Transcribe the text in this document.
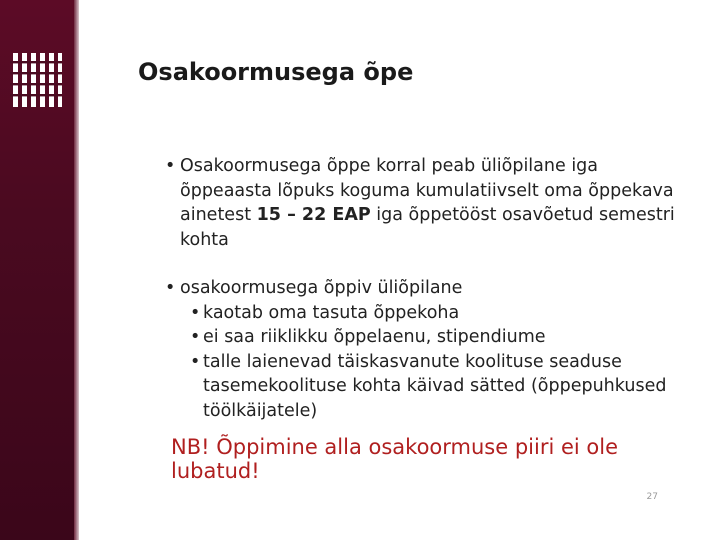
Osakoormusega õpe

• Osakoormusega õppe korral peab üliõpilane iga õppeaasta lõpuks koguma kumulatiivselt oma õppekava ainetest 15 – 22 EAP iga õppetööst osavõetud semestri kohta

• osakoormusega õppiv üliõpilane

• kaotab oma tasuta õppekoha

• ei saa riiklikku õppelaenu, stipendiume

• talle laienevad täiskasvanute koolituse seaduse tasemekoolituse kohta käivad sätted (õppepuhkused töölkäijatele)

NB! Õppimine alla osakoormuse piiri ei ole lubatud!

27
